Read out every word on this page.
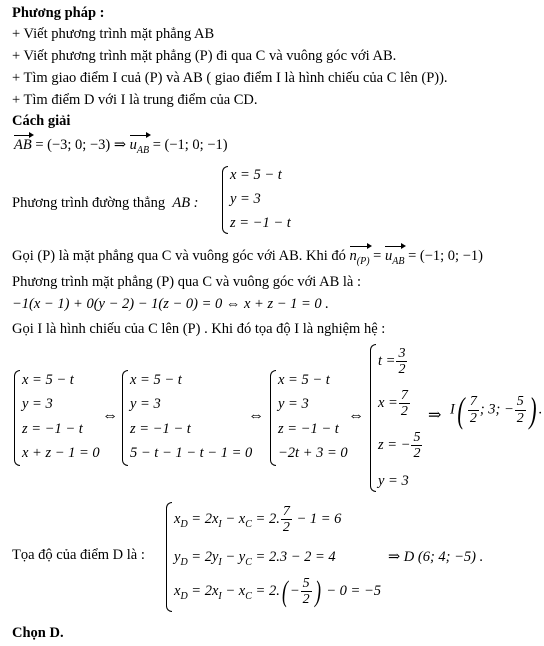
Phương pháp :
+ Viết phương trình mặt phẳng AB
+ Viết phương trình mặt phẳng (P) đi qua C và vuông góc với AB.
+ Tìm giao điểm I cuả (P) và AB ( giao điểm I là hình chiếu của C lên (P)).
+ Tìm điểm D với I là trung điểm của CD.
Cách giải
AB = (−3; 0; −3) ⇒ $u_{AB} = (-1$; 0; −1)
Phương trình đường thẳng AB :
x = 5 − t
y = 3
z = −1 − t
Gọi (P) là mặt phẳng qua C và vuông góc với AB. Khi đó $n_{(P)} = u_{AB} = (-1$; 0; −1)
Phương trình mặt phẳng (P) qua C và vuông góc với AB là :
−1(x − 1) + 0(y − 2) − 1(z − 0) = 0 ⇔ x + z − 1 = 0 .
Gọi I là hình chiếu của C lên (P) . Khi đó tọa độ I là nghiệm hệ :
x = 5 − t
y = 3
z = −1 − t
x + z − 1 = 0
⇔
x = 5 − t
y = 3
z = −1 − t
5 − t − 1 − t − 1 = 0
⇔
x = 5 − t
y = 3
z = −1 − t
−2t + 3 = 0
⇔
$t = \frac{3}{2}$
$x = \frac{7}{2}$
z = − $\frac{5}{2}$
y = 3
⇒ $I( \frac{7}{2}$ ; 3; − $\frac{5}{2}$ ) .
Tọa độ của điểm D là :
$x_D = 2x_I - x_C = 2$. $\frac{7}{2} - 1 = 6$
$y_D = 2y_I - y_C = 2.3 - 2 = 4$
$x_D = 2x_I - x_C = 2.( - \frac{5}{2}$ ) − 0 = −5
⇒ D (6; 4; −5) .
Chọn D.
